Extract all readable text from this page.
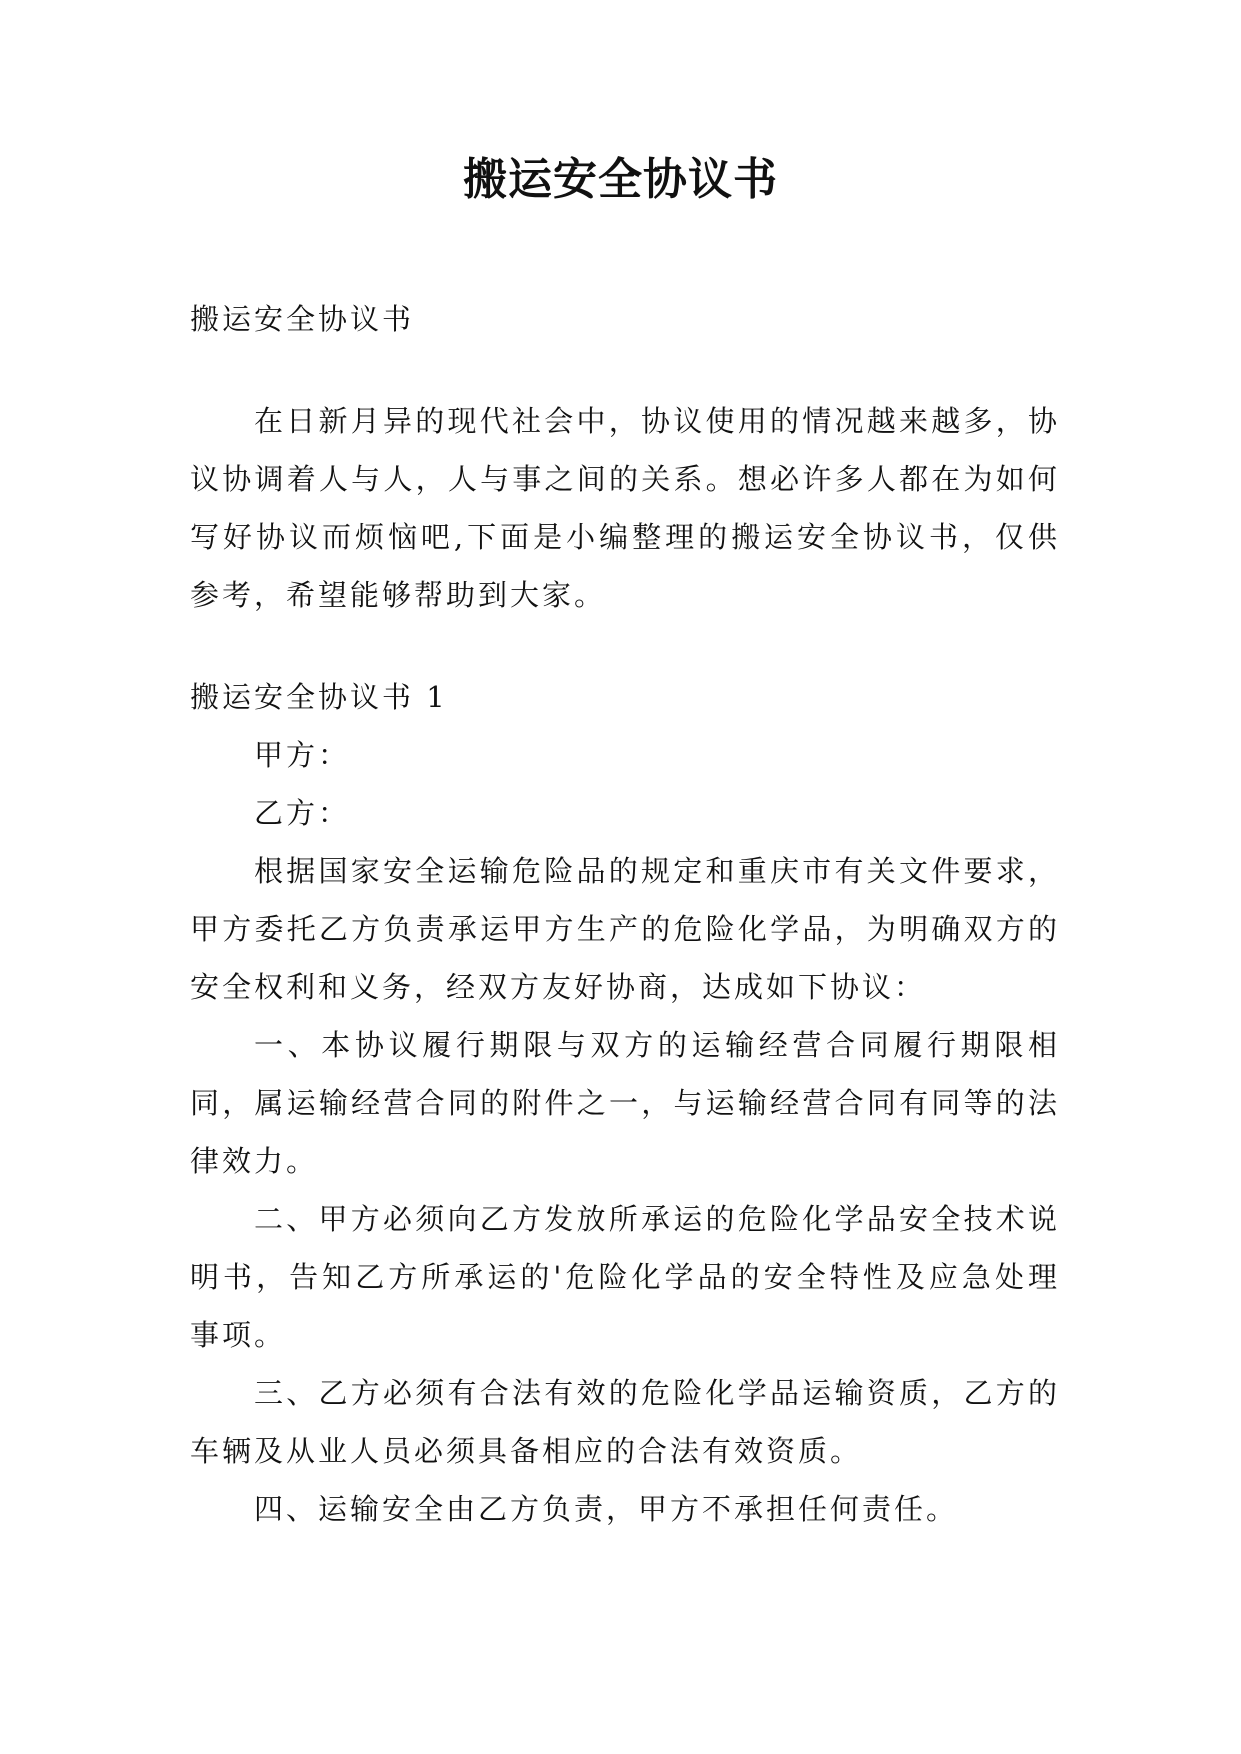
搬运安全协议书

搬运安全协议书

在日新月异的现代社会中，协议使用的情况越来越多，协议协调着人与人，人与事之间的关系。想必许多人都在为如何写好协议而烦恼吧,下面是小编整理的搬运安全协议书，仅供参考，希望能够帮助到大家。

搬运安全协议书 1

甲方：

乙方：

根据国家安全运输危险品的规定和重庆市有关文件要求，甲方委托乙方负责承运甲方生产的危险化学品，为明确双方的安全权利和义务，经双方友好协商，达成如下协议：

一、本协议履行期限与双方的运输经营合同履行期限相同，属运输经营合同的附件之一，与运输经营合同有同等的法律效力。

二、甲方必须向乙方发放所承运的危险化学品安全技术说明书，告知乙方所承运的'危险化学品的安全特性及应急处理事项。

三、乙方必须有合法有效的危险化学品运输资质，乙方的车辆及从业人员必须具备相应的合法有效资质。

四、运输安全由乙方负责，甲方不承担任何责任。
